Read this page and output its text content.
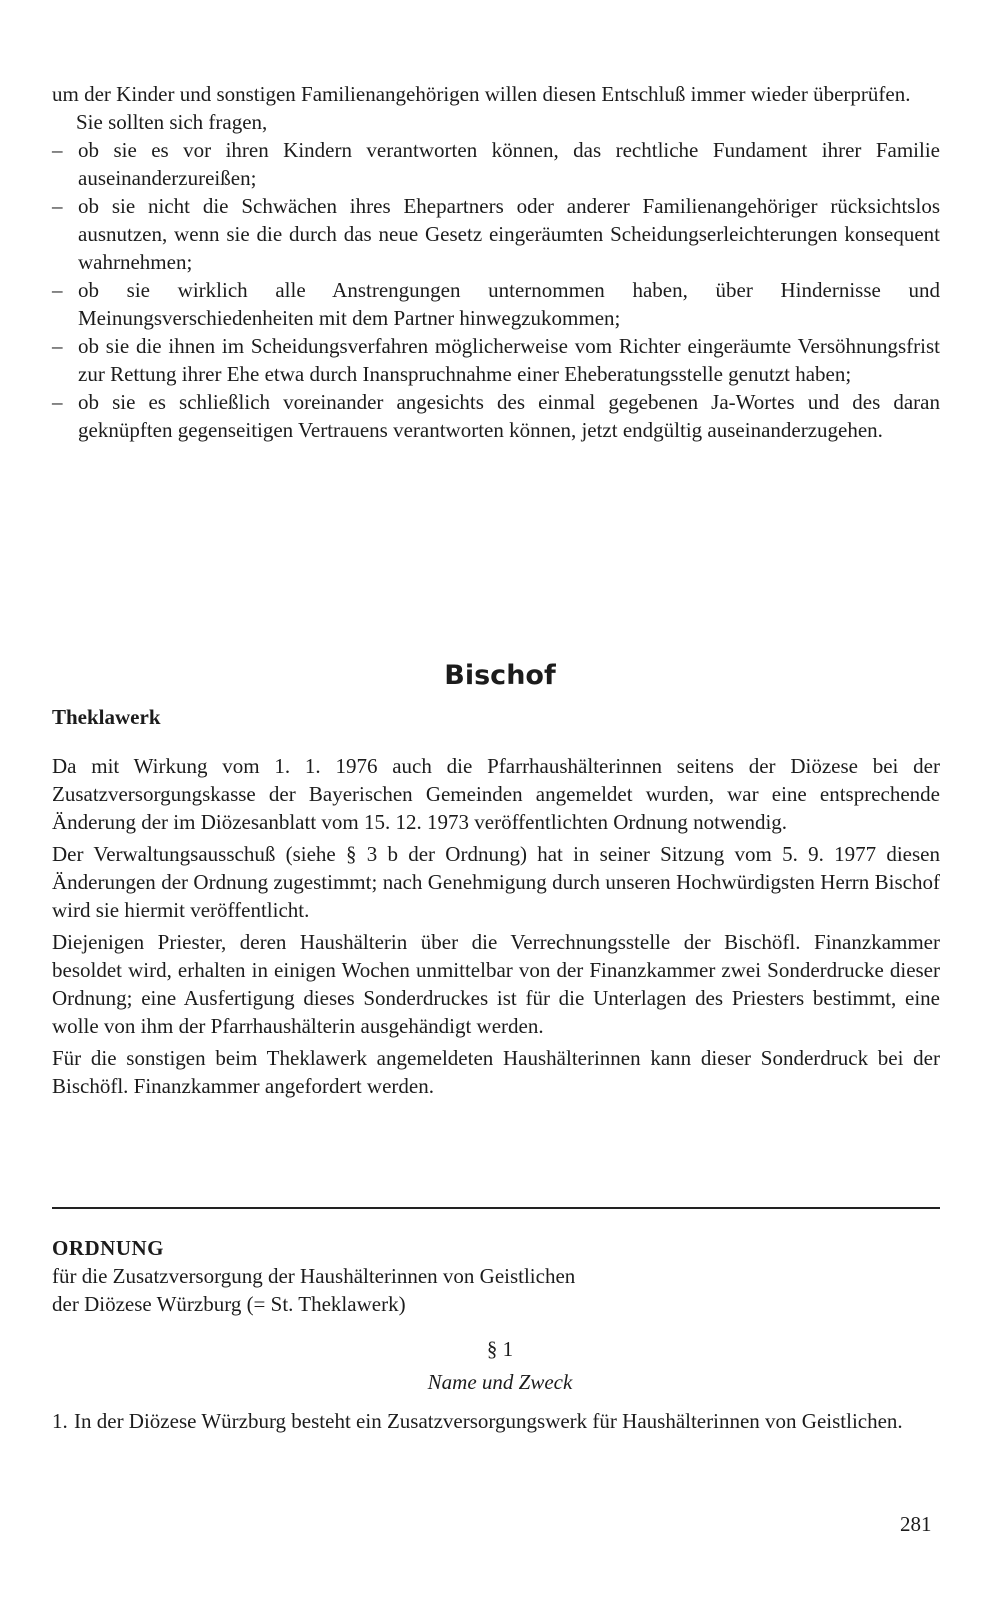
um der Kinder und sonstigen Familienangehörigen willen diesen Entschluß immer wieder überprüfen.

Sie sollten sich fragen,

– ob sie es vor ihren Kindern verantworten können, das rechtliche Fundament ihrer Familie auseinanderzureißen;
– ob sie nicht die Schwächen ihres Ehepartners oder anderer Familienangehöriger rücksichtslos ausnutzen, wenn sie die durch das neue Gesetz eingeräumten Scheidungserleichterungen konsequent wahrnehmen;
– ob sie wirklich alle Anstrengungen unternommen haben, über Hindernisse und Meinungsverschiedenheiten mit dem Partner hinwegzukommen;
– ob sie die ihnen im Scheidungsverfahren möglicherweise vom Richter eingeräumte Versöhnungsfrist zur Rettung ihrer Ehe etwa durch Inanspruchnahme einer Eheberatungsstelle genutzt haben;
– ob sie es schließlich voreinander angesichts des einmal gegebenen Ja-Wortes und des daran geknüpften gegenseitigen Vertrauens verantworten können, jetzt endgültig auseinanderzugehen.
Bischof
Theklawerk

Da mit Wirkung vom 1. 1. 1976 auch die Pfarrhaushälterinnen seitens der Diözese bei der Zusatzversorgungskasse der Bayerischen Gemeinden angemeldet wurden, war eine entsprechende Änderung der im Diözesanblatt vom 15. 12. 1973 veröffentlichten Ordnung notwendig.

Der Verwaltungsausschuß (siehe § 3 b der Ordnung) hat in seiner Sitzung vom 5. 9. 1977 diesen Änderungen der Ordnung zugestimmt; nach Genehmigung durch unseren Hochwürdigsten Herrn Bischof wird sie hiermit veröffentlicht.

Diejenigen Priester, deren Haushälterin über die Verrechnungsstelle der Bischöfl. Finanzkammer besoldet wird, erhalten in einigen Wochen unmittelbar von der Finanzkammer zwei Sonderdrucke dieser Ordnung; eine Ausfertigung dieses Sonderdruckes ist für die Unterlagen des Priesters bestimmt, eine wolle von ihm der Pfarrhaushälterin ausgehändigt werden.

Für die sonstigen beim Theklawerk angemeldeten Haushälterinnen kann dieser Sonderdruck bei der Bischöfl. Finanzkammer angefordert werden.

ORDNUNG
für die Zusatzversorgung der Haushälterinnen von Geistlichen
der Diözese Würzburg (= St. Theklawerk)
§ 1
Name und Zweck
1. In der Diözese Würzburg besteht ein Zusatzversorgungswerk für Haushälterinnen von Geistlichen.

281
